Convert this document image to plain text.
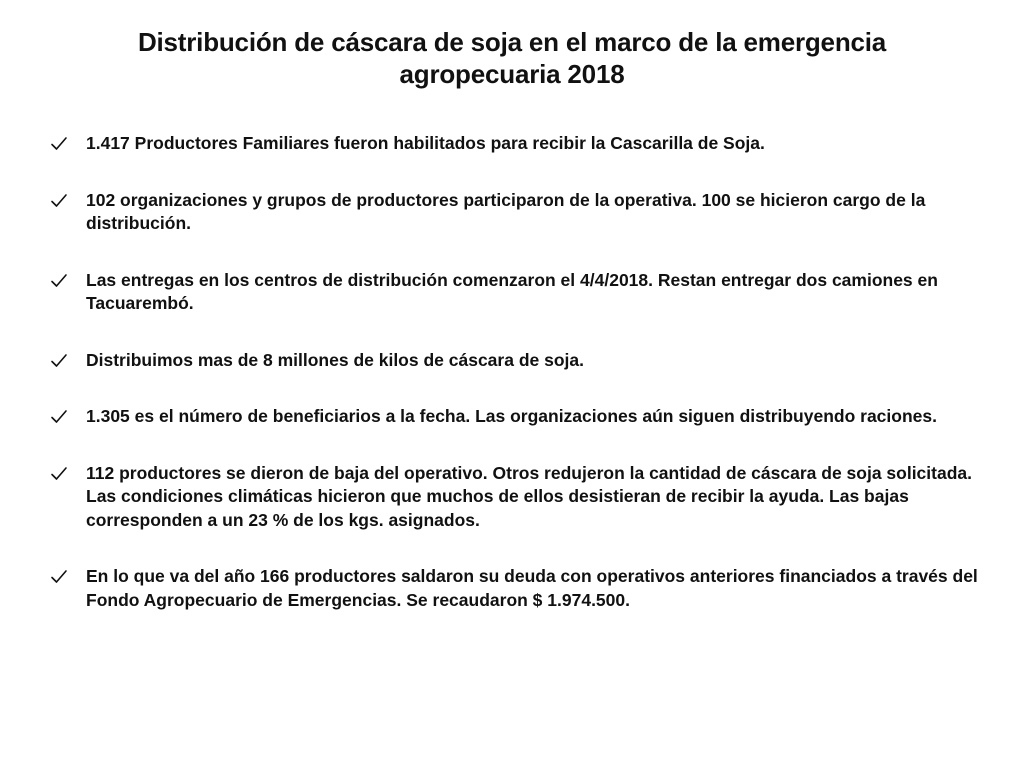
Distribución de cáscara de soja en el marco de la emergencia
agropecuaria 2018
1.417 Productores Familiares fueron habilitados para recibir la Cascarilla de Soja.
102 organizaciones y grupos de productores participaron de la operativa. 100 se hicieron cargo de la distribución.
Las entregas en los centros de distribución comenzaron el 4/4/2018. Restan entregar dos camiones en Tacuarembó.
Distribuimos mas de 8 millones de kilos de cáscara de soja.
1.305 es el número de beneficiarios a la fecha. Las organizaciones aún siguen distribuyendo raciones.
112 productores se dieron de baja del operativo. Otros redujeron la cantidad de cáscara de soja solicitada. Las condiciones climáticas hicieron que muchos de ellos desistieran de recibir la ayuda. Las bajas corresponden a un 23 % de los kgs. asignados.
En lo que va del año 166 productores saldaron su deuda con operativos anteriores financiados a través del Fondo Agropecuario de Emergencias. Se recaudaron $ 1.974.500.
